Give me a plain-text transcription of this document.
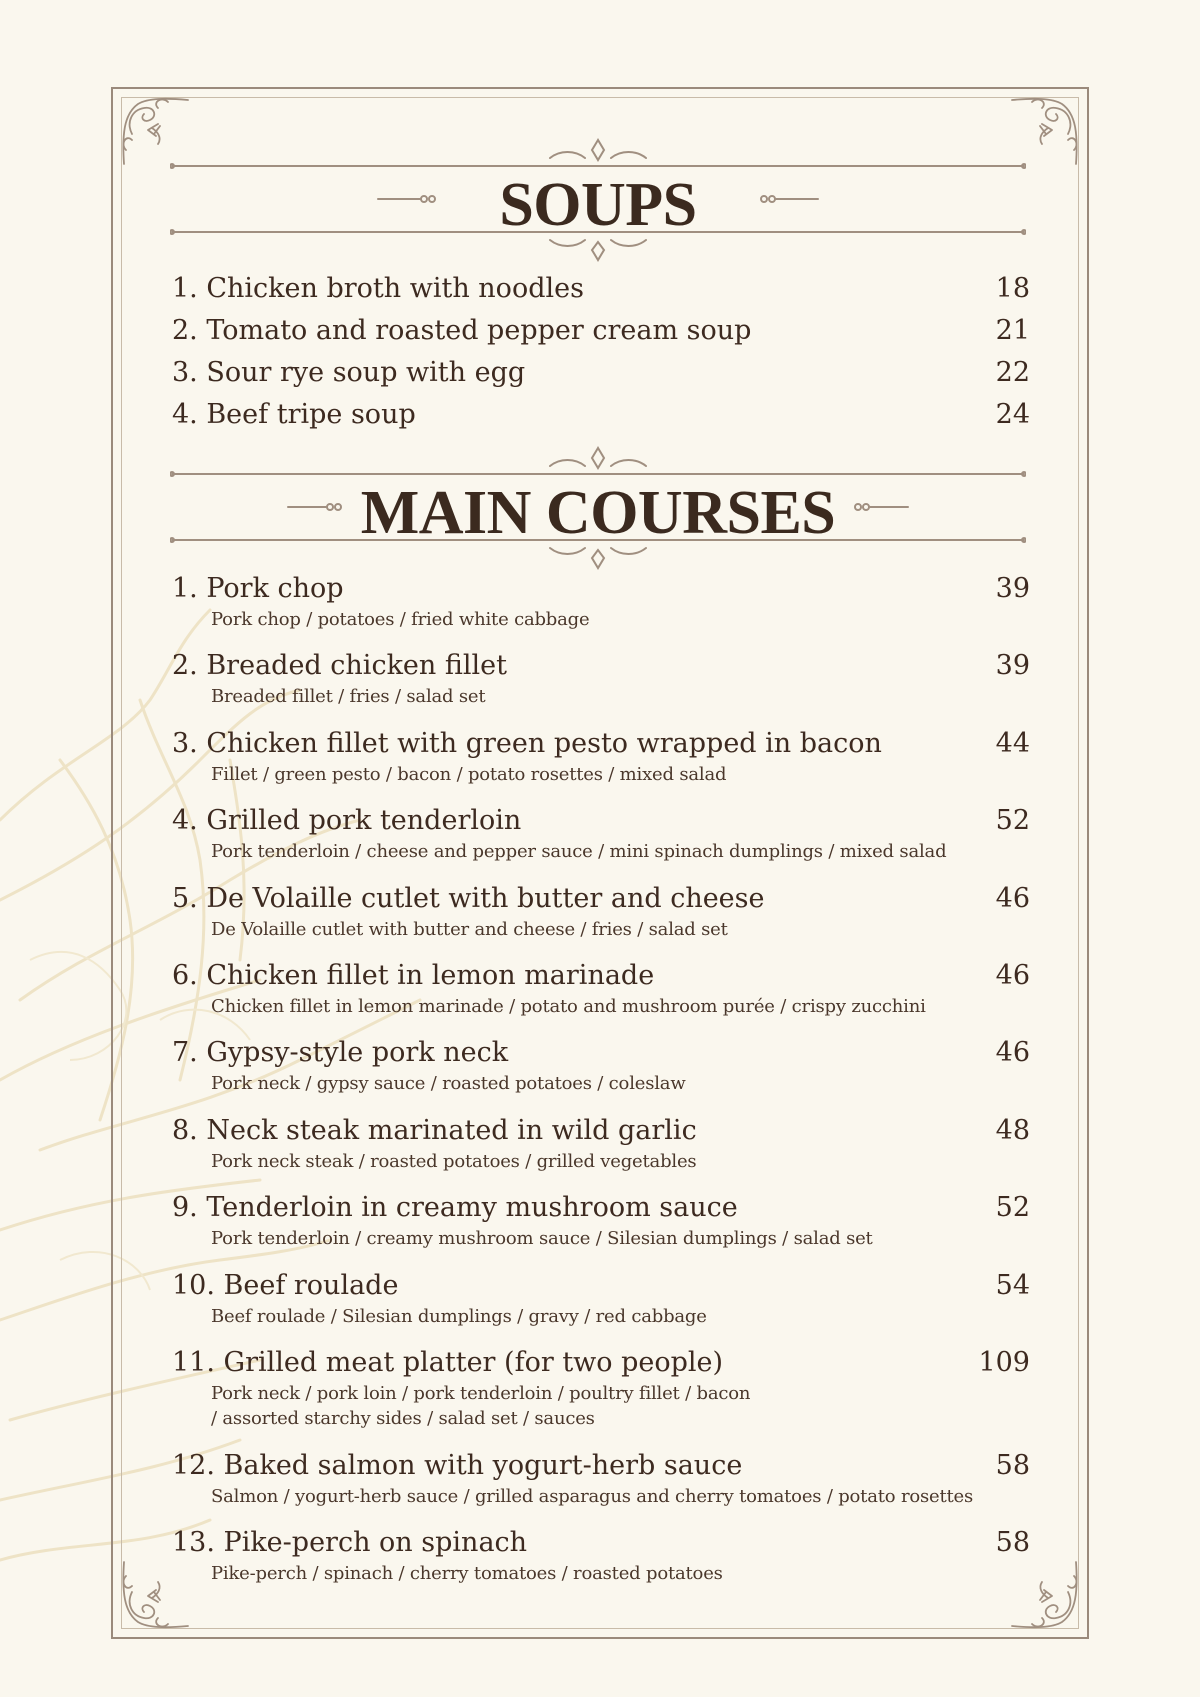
SOUPS
1. Chicken broth with noodles	18
2. Tomato and roasted pepper cream soup	21
3. Sour rye soup with egg	22
4. Beef tripe soup	24
MAIN COURSES
1. Pork chop	39
Pork chop / potatoes / fried white cabbage
2. Breaded chicken fillet	39
Breaded fillet / fries / salad set
3. Chicken fillet with green pesto wrapped in bacon	44
Fillet / green pesto / bacon / potato rosettes / mixed salad
4. Grilled pork tenderloin	52
Pork tenderloin / cheese and pepper sauce / mini spinach dumplings / mixed salad
5. De Volaille cutlet with butter and cheese	46
De Volaille cutlet with butter and cheese / fries / salad set
6. Chicken fillet in lemon marinade	46
Chicken fillet in lemon marinade / potato and mushroom purée / crispy zucchini
7. Gypsy-style pork neck	46
Pork neck / gypsy sauce / roasted potatoes / coleslaw
8. Neck steak marinated in wild garlic	48
Pork neck steak / roasted potatoes / grilled vegetables
9. Tenderloin in creamy mushroom sauce	52
Pork tenderloin / creamy mushroom sauce / Silesian dumplings / salad set
10. Beef roulade	54
Beef roulade / Silesian dumplings / gravy / red cabbage
11. Grilled meat platter (for two people)	109
Pork neck / pork loin / pork tenderloin / poultry fillet / bacon
/ assorted starchy sides / salad set / sauces
12. Baked salmon with yogurt-herb sauce	58
Salmon / yogurt-herb sauce / grilled asparagus and cherry tomatoes / potato rosettes
13. Pike-perch on spinach	58
Pike-perch / spinach / cherry tomatoes / roasted potatoes
